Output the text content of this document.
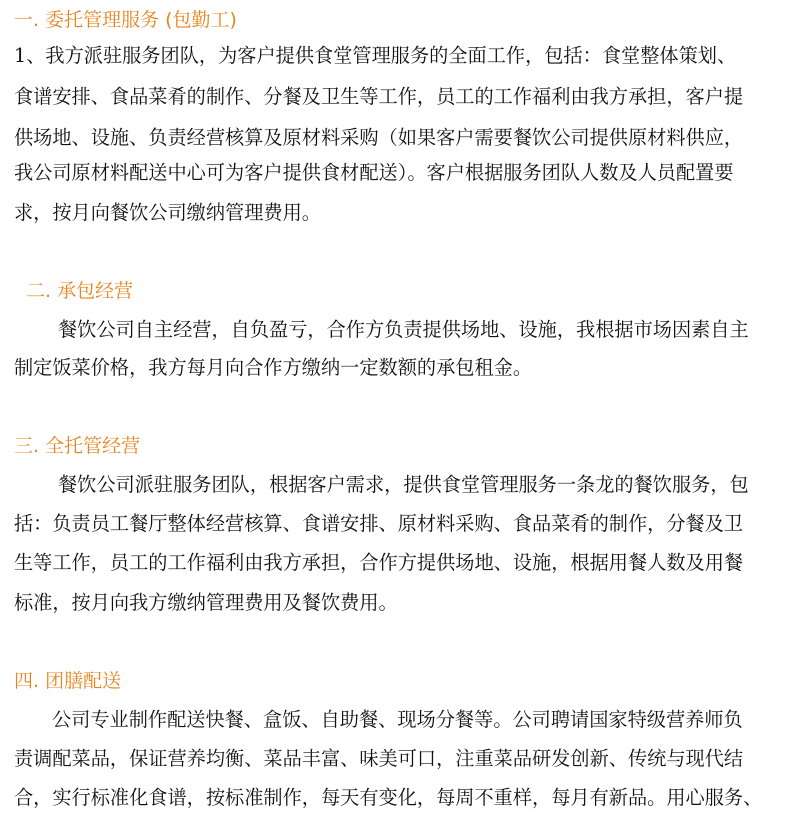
一. 委托管理服务 (包勤工)
1、我方派驻服务团队，为客户提供食堂管理服务的全面工作，包括：食堂整体策划、
食谱安排、食品菜肴的制作、分餐及卫生等工作，员工的工作福利由我方承担，客户提
供场地、设施、负责经营核算及原材料采购（如果客户需要餐饮公司提供原材料供应，
我公司原材料配送中心可为客户提供食材配送）。客户根据服务团队人数及人员配置要
求，按月向餐饮公司缴纳管理费用。
二. 承包经营
餐饮公司自主经营，自负盈亏，合作方负责提供场地、设施，我根据市场因素自主
制定饭菜价格，我方每月向合作方缴纳一定数额的承包租金。
三. 全托管经营
餐饮公司派驻服务团队，根据客户需求，提供食堂管理服务一条龙的餐饮服务，包
括：负责员工餐厅整体经营核算、食谱安排、原材料采购、食品菜肴的制作，分餐及卫
生等工作，员工的工作福利由我方承担，合作方提供场地、设施，根据用餐人数及用餐
标准，按月向我方缴纳管理费用及餐饮费用。
四. 团膳配送
公司专业制作配送快餐、盒饭、自助餐、现场分餐等。公司聘请国家特级营养师负
责调配菜品，保证营养均衡、菜品丰富、味美可口，注重菜品研发创新、传统与现代结
合，实行标准化食谱，按标准制作，每天有变化，每周不重样，每月有新品。用心服务、
